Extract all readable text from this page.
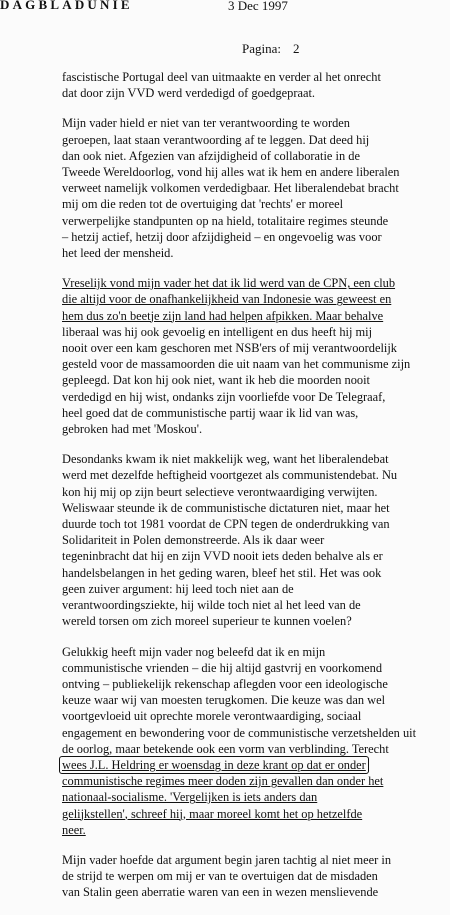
DAGBLADUNIE	3 Dec 1997
Pagina: 2
fascistische Portugal deel van uitmaakte en verder al het onrecht
dat door zijn VVD werd verdedigd of goedgepraat.
Mijn vader hield er niet van ter verantwoording te worden
geroepen, laat staan verantwoording af te leggen. Dat deed hij
dan ook niet. Afgezien van afzijdigheid of collaboratie in de
Tweede Wereldoorlog, vond hij alles wat ik hem en andere liberalen
verweet namelijk volkomen verdedigbaar. Het liberalendebat bracht
mij om die reden tot de overtuiging dat 'rechts' er moreel
verwerpelijke standpunten op na hield, totalitaire regimes steunde
– hetzij actief, hetzij door afzijdigheid – en ongevoelig was voor
het leed der mensheid.
Vreselijk vond mijn vader het dat ik lid werd van de CPN, een club
die altijd voor de onafhankelijkheid van Indonesie was gewe​est en
hem dus zo'n beetje zijn land had helpen afpikken. Maar behalve
liberaal was hij ook gevoelig en intelligent en dus heeft hij mij
nooit over een kam geschoren met NSB'ers of mij verantwoordelijk
gesteld voor de massamoorden die uit naam van het communisme zijn
gepleegd. Dat kon hij ook niet, want ik heb die moorden nooit
verdedigd en hij wist, ondanks zijn voorliefde voor De Telegraaf,
heel goed dat de communistische partij waar ik lid van was,
gebroken had met 'Moskou'.
Desondanks kwam ik niet makkelijk weg, want het liberalendebat
werd met dezelfde heftigheid voortgezet als communistendebat. Nu
kon hij mij op zijn beurt selectieve verontwaardiging verwijten.
Weliswaar steunde ik de communistische dictaturen niet, maar het
duurde toch tot 1981 voordat de CPN tegen de onderdrukking van
Solidariteit in Polen demonstreerde. Als ik daar weer
tegeninbracht dat hij en zijn VVD nooit iets deden behalve als er
handelsbelangen in het geding waren, bleef het stil. Het was ook
geen zuiver argument: hij leed toch niet aan de
verantwoordingsziekte, hij wilde toch niet al het leed van de
wereld torsen om zich moreel superieur te kunnen voelen?
Gelukkig heeft mijn vader nog beleefd dat ik en mijn
communistische vrienden – die hij altijd gastvrij en voorkomend
ontving – publiekelijk rekenschap aflegden voor een ideologische
keuze waar wij van moesten terugkomen. Die keuze was dan wel
voortgevloeid uit oprechte morele verontwaardiging, sociaal
engagement en bewondering voor de communistische verzetshelden uit
de oorlog, maar betekende ook een vorm van verblinding. Terecht
wees J.L. Heldring er woensdag in deze krant op dat er onder
communistische regimes meer doden zijn gevallen dan onder het
nationaal-socialisme. 'Vergelijken is iets anders dan
gelijkstellen', schreef hij, maar moreel komt het op hetzelfde
neer.
Mijn vader hoefde dat argument begin jaren tachtig al niet meer in
de strijd te werpen om mij er van te overtuigen dat de misdaden
van Stalin geen aberratie waren van een in wezen menslievende
